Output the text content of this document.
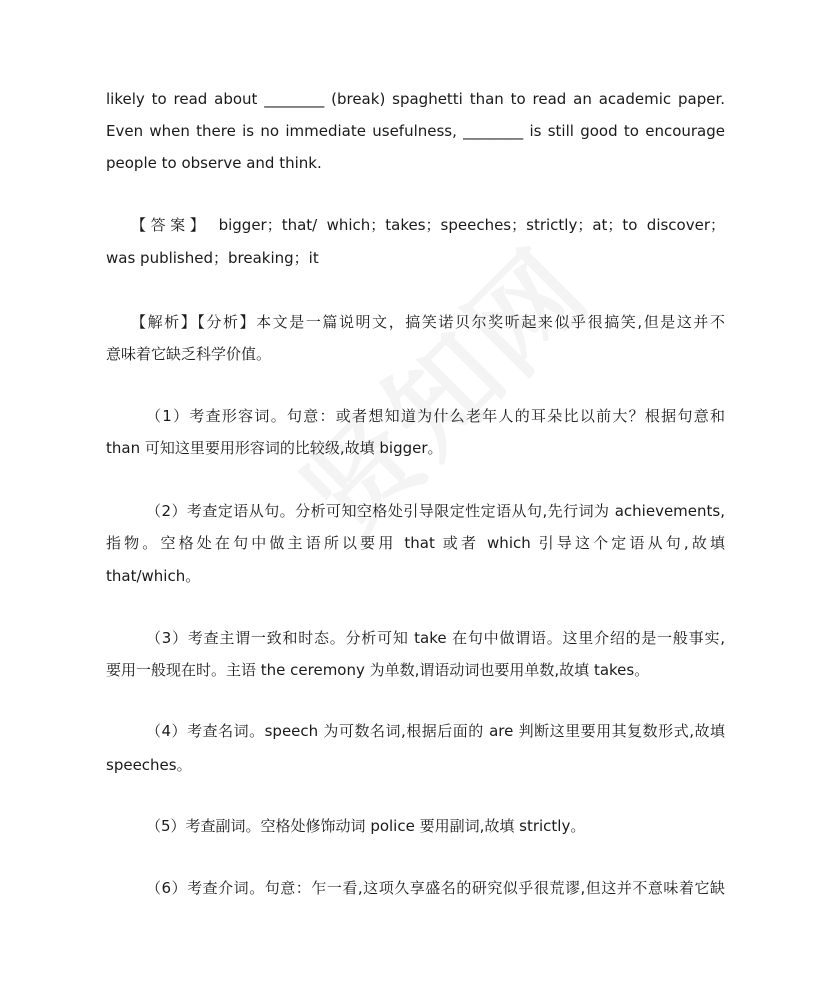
likely to read about ________ (break) spaghetti than to read an academic paper.
Even when there is no immediate usefulness, ________ is still good to encourage
people to observe and think.
【答案】 bigger；that/ which；takes；speeches；strictly；at；to discover；
was published；breaking；it
【解析】【分析】本文是一篇说明文，搞笑诺贝尔奖听起来似乎很搞笑,但是这并不
意味着它缺乏科学价值。
（1）考查形容词。句意：或者想知道为什么老年人的耳朵比以前大？根据句意和
than 可知这里要用形容词的比较级,故填 bigger。
（2）考查定语从句。分析可知空格处引导限定性定语从句,先行词为 achievements,
指物。空格处在句中做主语所以要用 that 或者 which 引导这个定语从句,故填
that/which。
（3）考查主谓一致和时态。分析可知 take 在句中做谓语。这里介绍的是一般事实,
要用一般现在时。主语 the ceremony 为单数,谓语动词也要用单数,故填 takes。
（4）考查名词。speech 为可数名词,根据后面的 are 判断这里要用其复数形式,故填
speeches。
（5）考查副词。空格处修饰动词 police 要用副词,故填 strictly。
（6）考查介词。句意：乍一看,这项久享盛名的研究似乎很荒谬,但这并不意味着它缺
